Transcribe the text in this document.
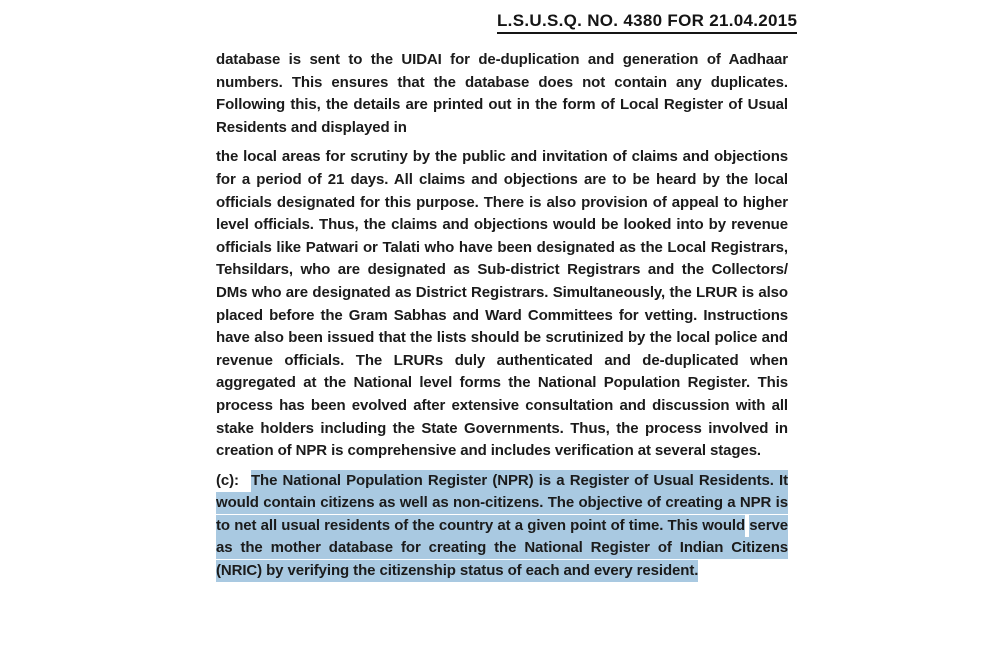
L.S.U.S.Q. NO. 4380 FOR 21.04.2015

database is sent to the UIDAI for de-duplication and generation of Aadhaar numbers. This ensures that the database does not contain any duplicates. Following this, the details are printed out in the form of Local Register of Usual Residents and displayed in

the local areas for scrutiny by the public and invitation of claims and objections for a period of 21 days. All claims and objections are to be heard by the local officials designated for this purpose. There is also provision of appeal to higher level officials. Thus, the claims and objections would be looked into by revenue officials like Patwari or Talati who have been designated as the Local Registrars, Tehsildars, who are designated as Sub-district Registrars and the Collectors/ DMs who are designated as District Registrars. Simultaneously, the LRUR is also placed before the Gram Sabhas and Ward Committees for vetting. Instructions have also been issued that the lists should be scrutinized by the local police and revenue officials. The LRURs duly authenticated and de-duplicated when aggregated at the National level forms the National Population Register. This process has been evolved after extensive consultation and discussion with all stake holders including the State Governments. Thus, the process involved in creation of NPR is comprehensive and includes verification at several stages.

(c): The National Population Register (NPR) is a Register of Usual Residents. It would contain citizens as well as non-citizens. The objective of creating a NPR is to net all usual residents of the country at a given point of time. This would serve as the mother database for creating the National Register of Indian Citizens (NRIC) by verifying the citizenship status of each and every resident.
